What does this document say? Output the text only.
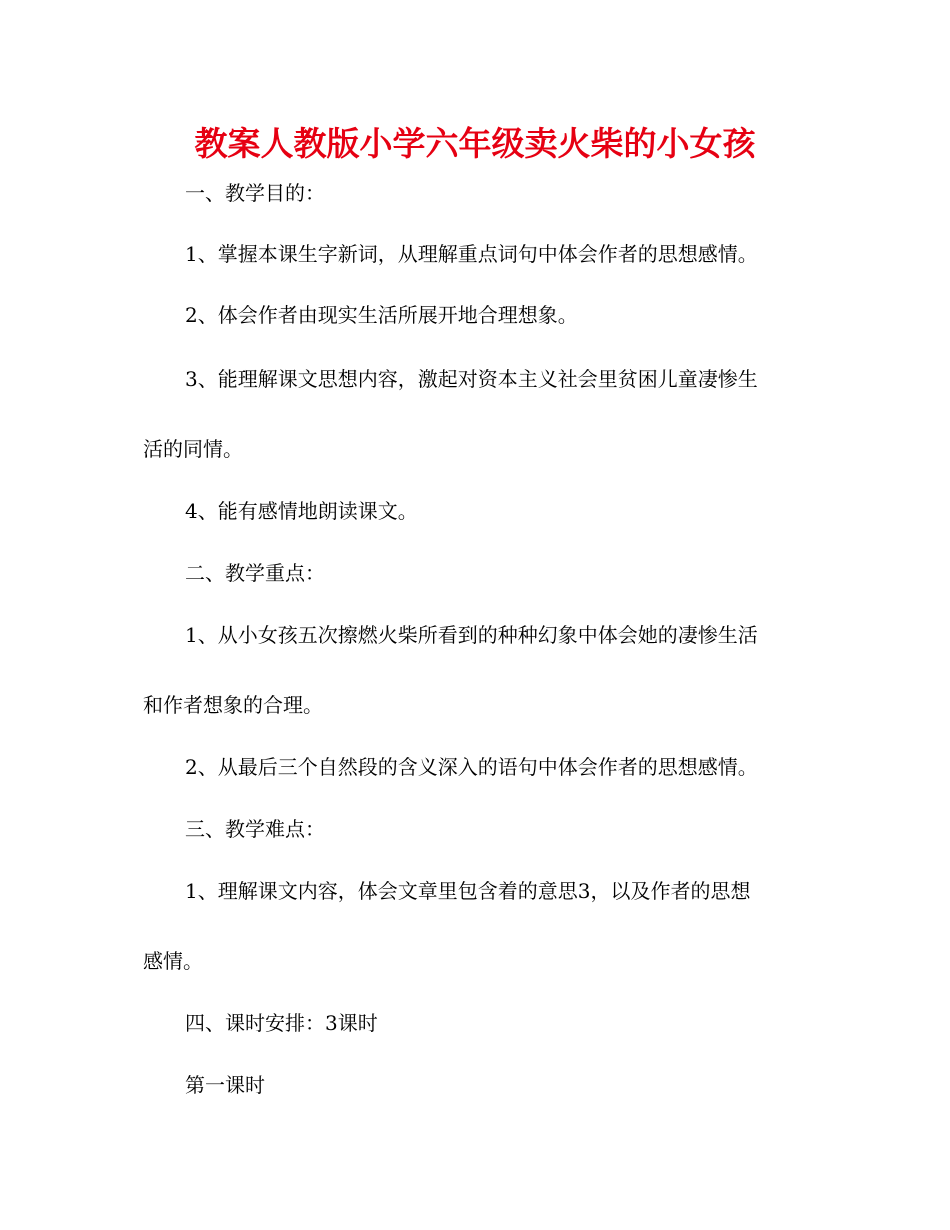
教案人教版小学六年级卖火柴的小女孩
一、教学目的：
1、掌握本课生字新词，从理解重点词句中体会作者的思想感情。
2、体会作者由现实生活所展开地合理想象。
3、能理解课文思想内容，激起对资本主义社会里贫困儿童凄惨生
活的同情。
4、能有感情地朗读课文。
二、教学重点：
1、从小女孩五次擦燃火柴所看到的种种幻象中体会她的凄惨生活
和作者想象的合理。
2、从最后三个自然段的含义深入的语句中体会作者的思想感情。
三、教学难点：
1、理解课文内容，体会文章里包含着的意思3，以及作者的思想
感情。
四、课时安排：3课时
第一课时
